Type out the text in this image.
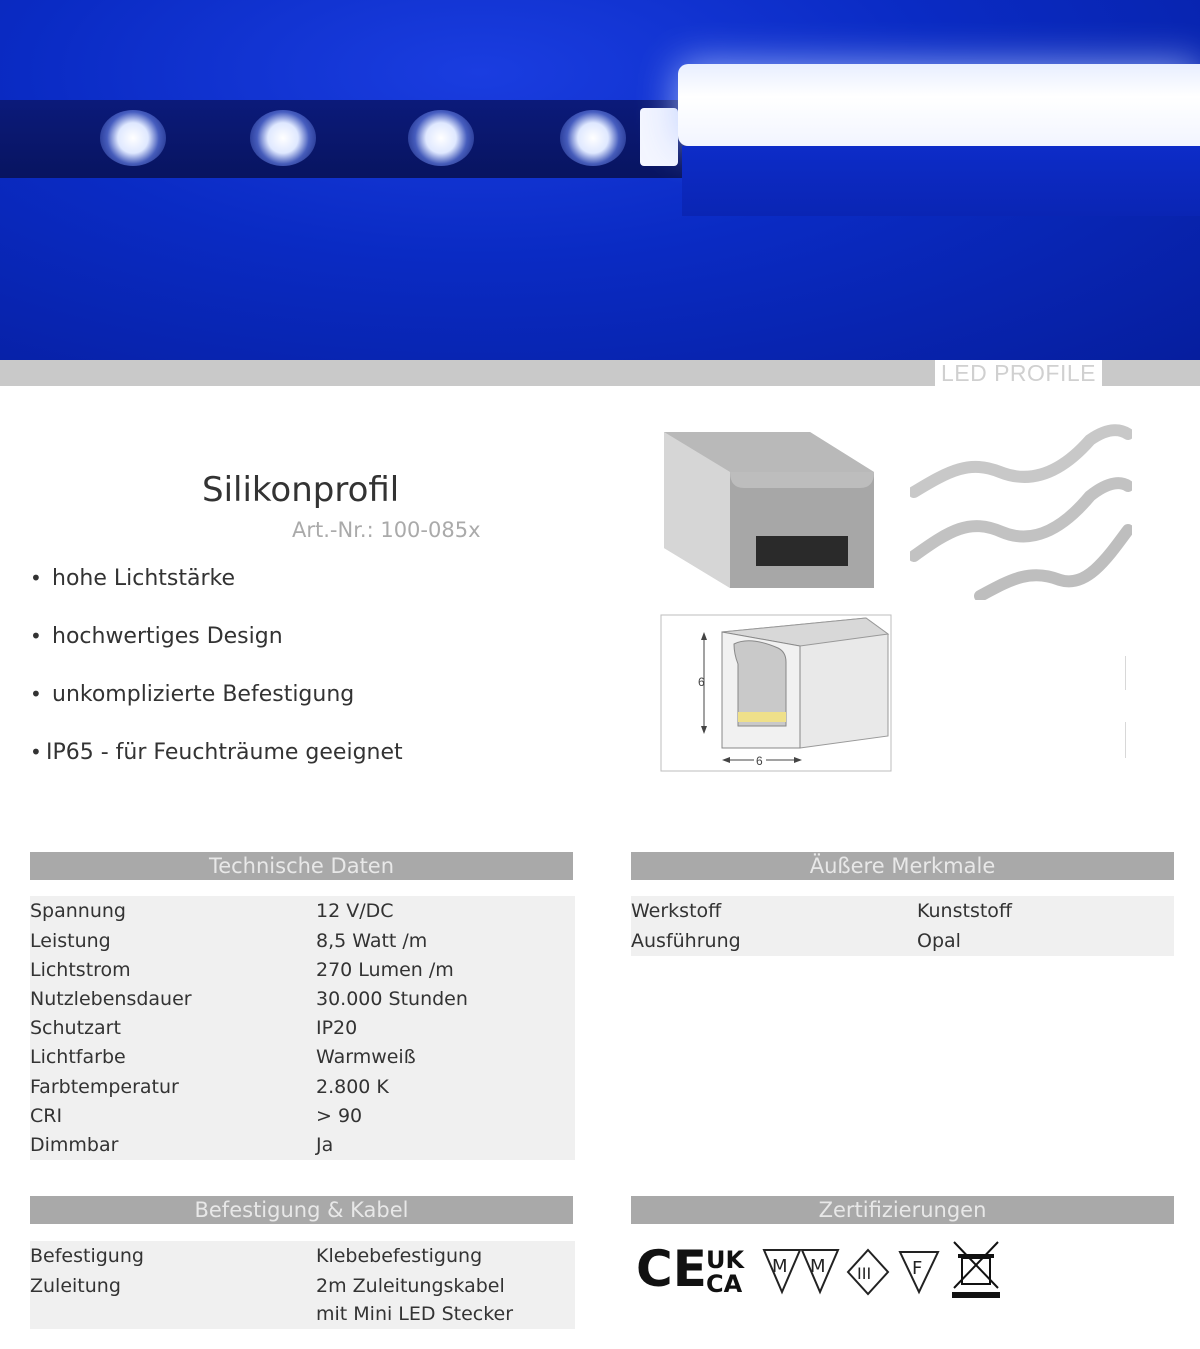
LED PROFILE
Silikonprofil
Art.-Nr.: 100-085x
• hohe Lichtstärke
• hochwertiges Design
• unkomplizierte Befestigung
• IP65 - für Feuchträume geeignet
6
6
Technische Daten
Spannung	12 V/DC
Leistung	8,5 Watt /m
Lichtstrom	270 Lumen /m
Nutzlebensdauer	30.000 Stunden
Schutzart	IP20
Lichtfarbe	Warmweiß
Farbtemperatur	2.800 K
CRI	> 90
Dimmbar	Ja
Äußere Merkmale
Werkstoff	Kunststoff
Ausführung	Opal
Befestigung & Kabel
Befestigung	Klebebefestigung
Zuleitung	2m Zuleitungskabel
mit Mini LED Stecker
Zertifizierungen
CE UK
CA
M M III F
